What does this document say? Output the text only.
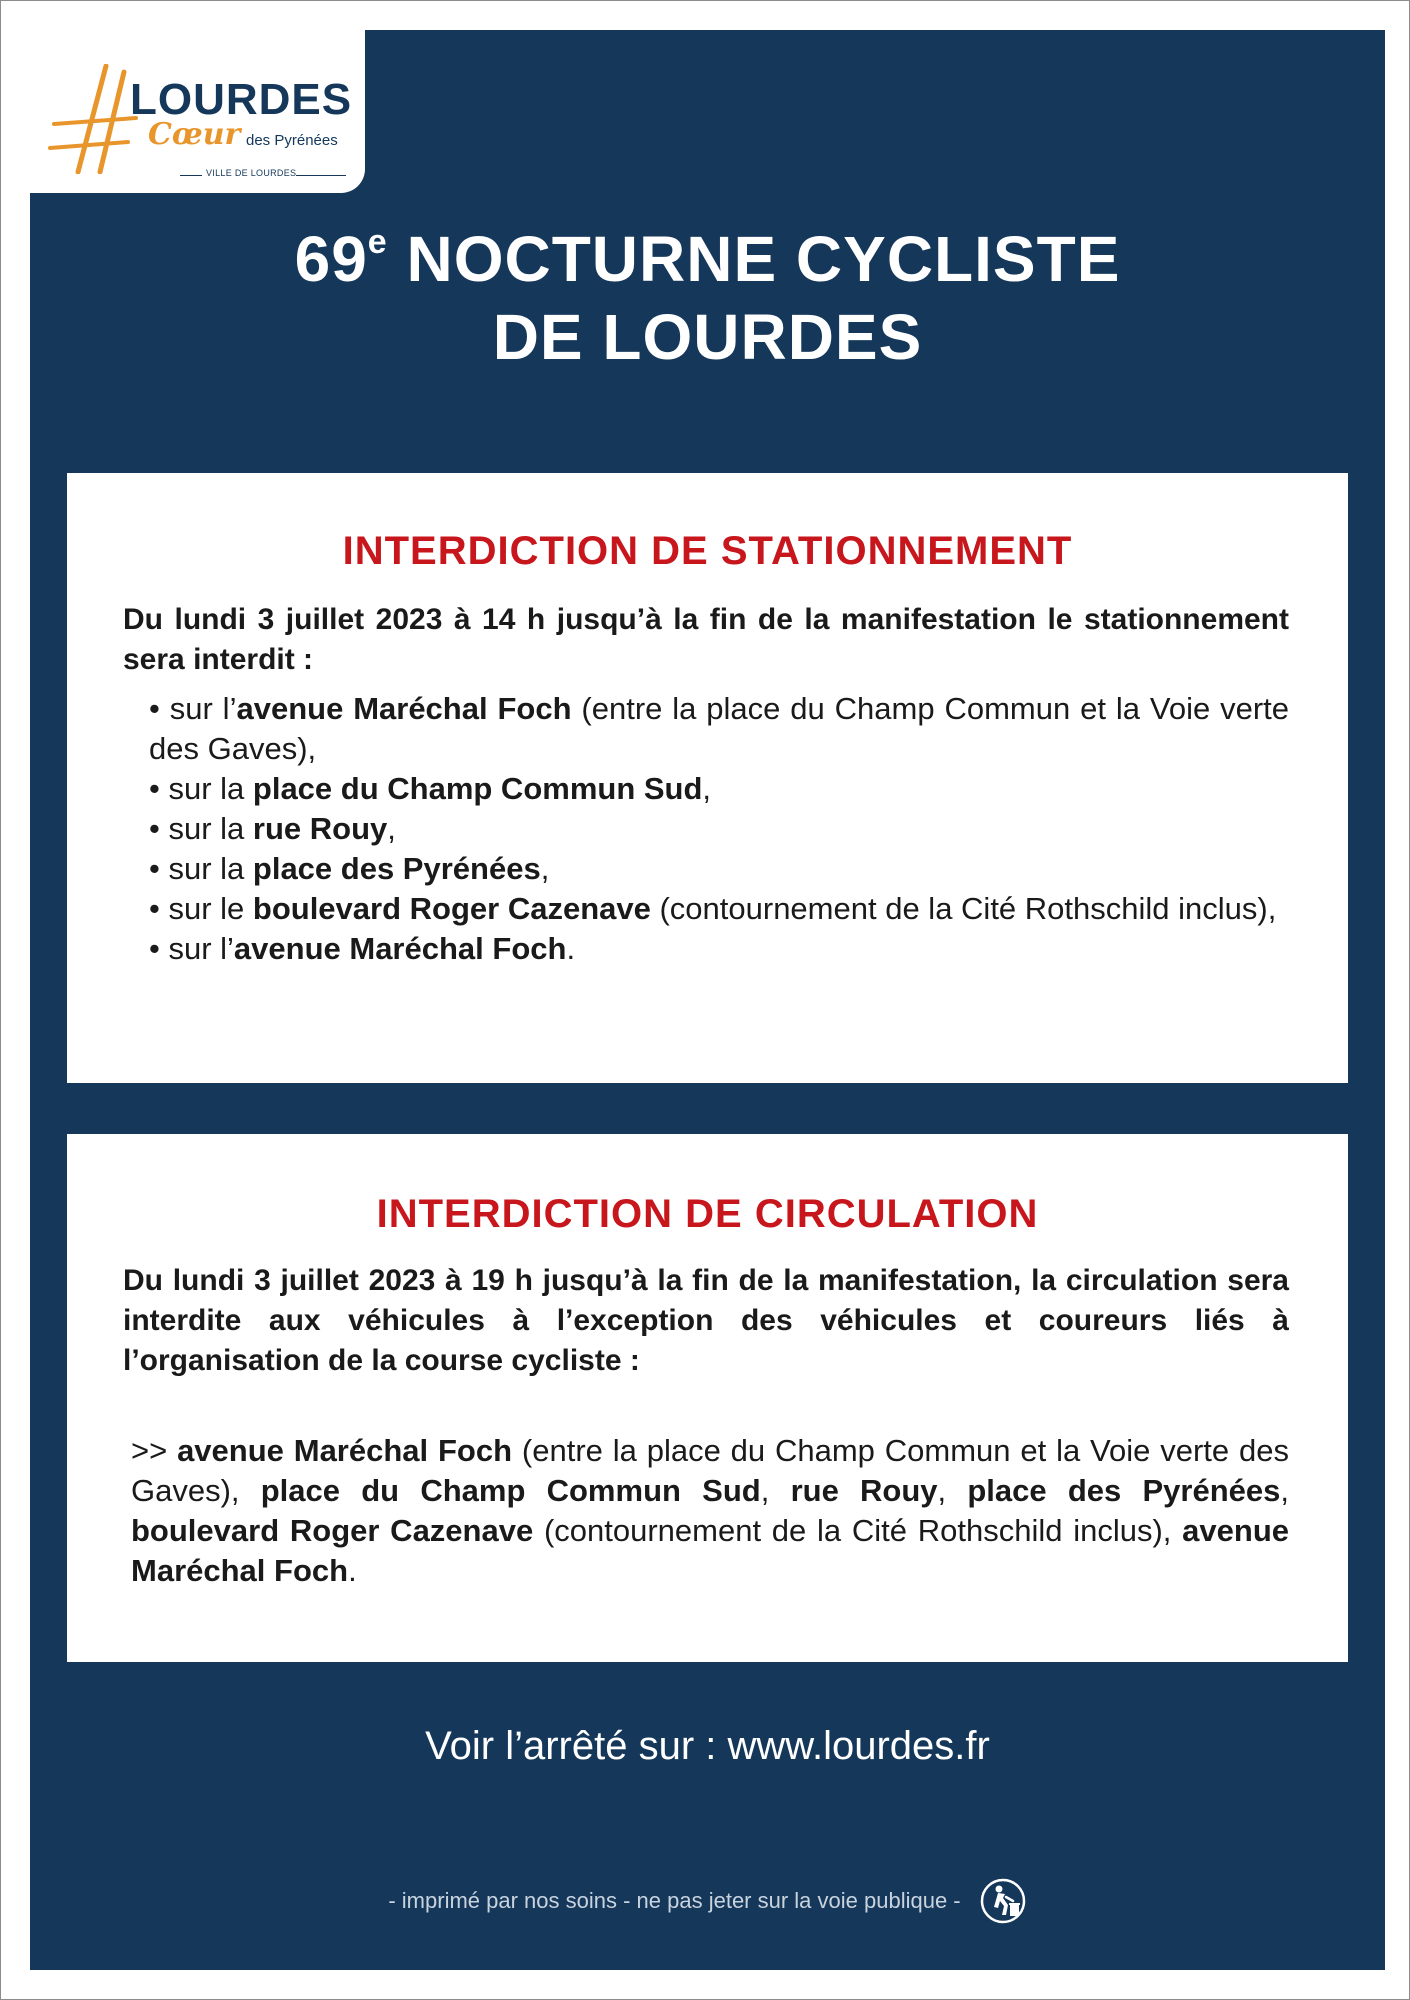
LOURDES
Cœur des Pyrénées
VILLE DE LOURDES
69e NOCTURNE CYCLISTE
DE LOURDES
INTERDICTION DE STATIONNEMENT

Du lundi 3 juillet 2023 à 14 h jusqu’à la fin de la manifestation le stationnement sera interdit :

• sur l’avenue Maréchal Foch (entre la place du Champ Commun et la Voie verte des Gaves),
• sur la place du Champ Commun Sud,
• sur la rue Rouy,
• sur la place des Pyrénées,
• sur le boulevard Roger Cazenave (contournement de la Cité Rothschild inclus),
• sur l’avenue Maréchal Foch.
INTERDICTION DE CIRCULATION

Du lundi 3 juillet 2023 à 19 h jusqu’à la fin de la manifestation, la circulation sera interdite aux véhicules à l’exception des véhicules et coureurs liés à l’organisation de la course cycliste :

>> avenue Maréchal Foch (entre la place du Champ Commun et la Voie verte des Gaves), place du Champ Commun Sud, rue Rouy, place des Pyrénées, boulevard Roger Cazenave (contournement de la Cité Rothschild inclus), avenue Maréchal Foch.

Voir l’arrêté sur : www.lourdes.fr

- imprimé par nos soins - ne pas jeter sur la voie publique -
